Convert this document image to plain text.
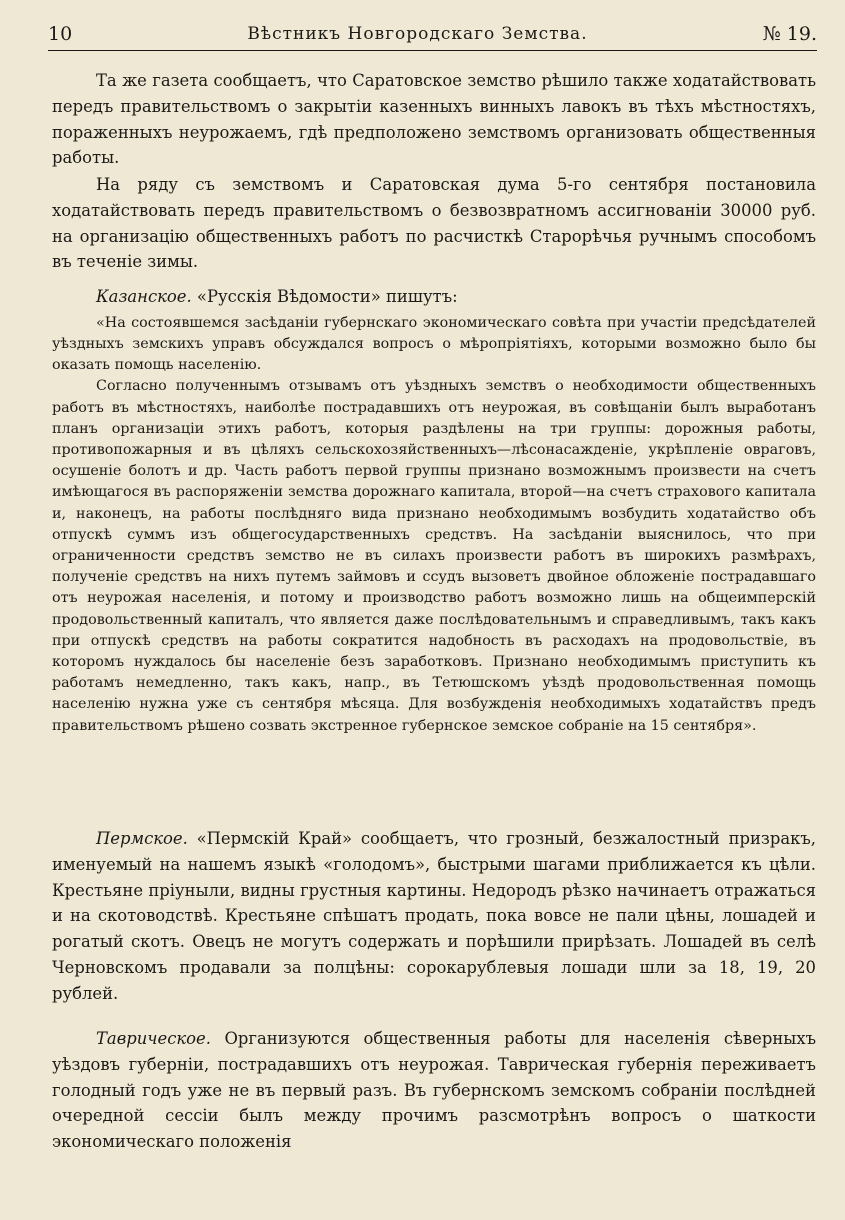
10	Вѣстникъ Новгородскаго Земства.	№ 19.

Та же газета сообщаетъ, что Саратовское земство рѣшило также ходатайствовать передъ правительствомъ о закрытіи казенныхъ винныхъ лавокъ въ тѣхъ мѣстностяхъ, пораженныхъ неурожаемъ, гдѣ предположено земствомъ организовать общественныя работы.

На ряду съ земствомъ и Саратовская дума 5-го сентября постановила ходатайствовать передъ правительствомъ о безвозвратномъ ассигнованіи 30000 руб. на организацію общественныхъ работъ по расчисткѣ Старорѣчья ручнымъ способомъ въ теченіе зимы.

Казанское. «Русскія Вѣдомости» пишутъ:

«На состоявшемся засѣданіи губернскаго экономическаго совѣта при участіи предсѣдателей уѣздныхъ земскихъ управъ обсуждался вопросъ о мѣропріятіяхъ, которыми возможно было бы оказать помощь населенію.

Согласно полученнымъ отзывамъ отъ уѣздныхъ земствъ о необходимости общественныхъ работъ въ мѣстностяхъ, наиболѣе пострадавшихъ отъ неурожая, въ совѣщаніи былъ выработанъ планъ организаціи этихъ работъ, которыя раздѣлены на три группы: дорожныя работы, противопожарныя и въ цѣляхъ сельскохозяйственныхъ—лѣсонасажденіе, укрѣпленіе овраговъ, осушеніе болотъ и др. Часть работъ первой группы признано возможнымъ произвести на счетъ имѣющагося въ распоряженіи земства дорожнаго капитала, второй—на счетъ страхового капитала и, наконецъ, на работы послѣдняго вида признано необходимымъ возбудить ходатайство объ отпускѣ суммъ изъ общегосударственныхъ средствъ. На засѣданіи выяснилось, что при ограниченности средствъ земство не въ силахъ произвести работъ въ широкихъ размѣрахъ, полученіе средствъ на нихъ путемъ займовъ и ссудъ вызоветъ двойное обложеніе пострадавшаго отъ неурожая населенія, и потому и производство работъ возможно лишь на общеимперскій продовольственный капиталъ, что является даже послѣдовательнымъ и справедливымъ, такъ какъ при отпускѣ средствъ на работы сократится надобность въ расходахъ на продовольствіе, въ которомъ нуждалось бы населеніе безъ заработковъ. Признано необходимымъ приступить къ работамъ немедленно, такъ какъ, напр., въ Тетюшскомъ уѣздѣ продовольственная помощь населенію нужна уже съ сентября мѣсяца. Для возбужденія необходимыхъ ходатайствъ предъ правительствомъ рѣшено созвать экстренное губернское земское собраніе на 15 сентября».

Пермское. «Пермскій Край» сообщаетъ, что грозный, безжалостный призракъ, именуемый на нашемъ языкѣ «голодомъ», быстрыми шагами приближается къ цѣли. Крестьяне пріуныли, видны грустныя картины. Недородъ рѣзко начинаетъ отражаться и на скотоводствѣ. Крестьяне спѣшатъ продать, пока вовсе не пали цѣны, лошадей и рогатый скотъ. Овецъ не могутъ содержать и порѣшили прирѣзать. Лошадей въ селѣ Черновскомъ продавали за полцѣны: сорокарублевыя лошади шли за 18, 19, 20 рублей.

Таврическое. Организуются общественныя работы для населенія сѣверныхъ уѣздовъ губерніи, пострадавшихъ отъ неурожая. Таврическая губернія переживаетъ голодный годъ уже не въ первый разъ. Въ губернскомъ земскомъ собраніи послѣдней очередной сессіи былъ между прочимъ разсмотрѣнъ вопросъ о шаткости экономическаго положенія
